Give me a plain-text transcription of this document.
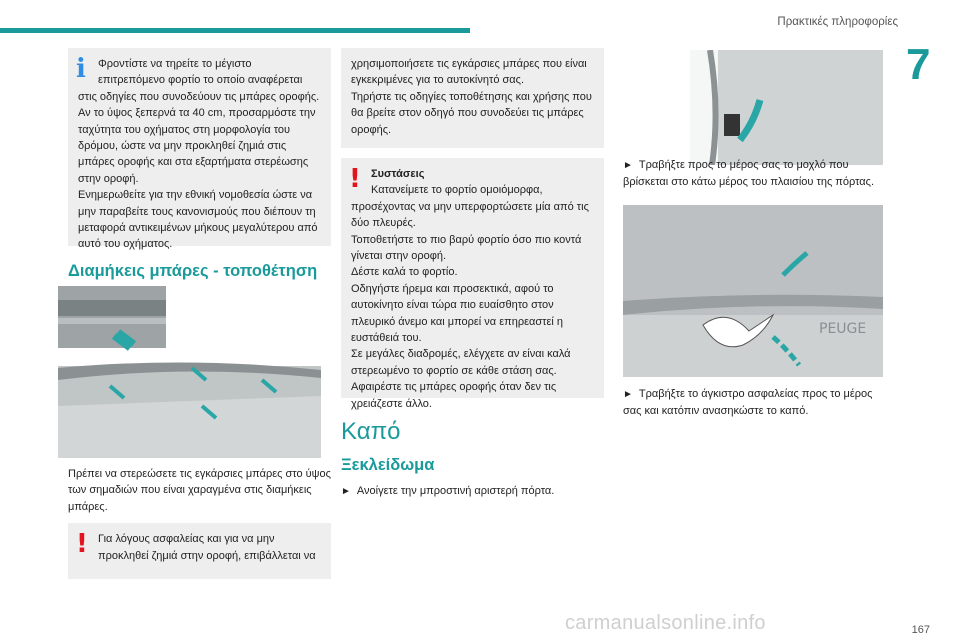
Πρακτικές πληροφορίες
7
i	Φροντίστε να τηρείτε το μέγιστο επιτρεπόμενο φορτίο το οποίο αναφέρεται στις οδηγίες που συνοδεύουν τις μπάρες οροφής.
Αν το ύψος ξεπερνά τα 40 cm, προσαρμόστε την ταχύτητα του οχήματος στη μορφολογία του δρόμου, ώστε να μην προκληθεί ζημιά στις μπάρες οροφής και στα εξαρτήματα στερέωσης στην οροφή.
Ενημερωθείτε για την εθνική νομοθεσία ώστε να μην παραβείτε τους κανονισμούς που διέπουν τη μεταφορά αντικειμένων μήκους μεγαλύτερου από αυτό του οχήματος.
Διαμήκεις μπάρες - τοποθέτηση

Πρέπει να στερεώσετε τις εγκάρσιες μπάρες στο ύψος των σημαδιών που είναι χαραγμένα στις διαμήκεις μπάρες.

! Για λόγους ασφαλείας και για να μην προκληθεί ζημιά στην οροφή, επιβάλλεται να
χρησιμοποιήσετε τις εγκάρσιες μπάρες που είναι εγκεκριμένες για το αυτοκίνητό σας.
Τηρήστε τις οδηγίες τοποθέτησης και χρήσης που θα βρείτε στον οδηγό που συνοδεύει τις μπάρες οροφής.
! Συστάσεις
Κατανείμετε το φορτίο ομοιόμορφα, προσέχοντας να μην υπερφορτώσετε μία από τις δύο πλευρές.
Τοποθετήστε το πιο βαρύ φορτίο όσο πιο κοντά γίνεται στην οροφή.
Δέστε καλά το φορτίο.
Οδηγήστε ήρεμα και προσεκτικά, αφού το αυτοκίνητο είναι τώρα πιο ευαίσθητο στον πλευρικό άνεμο και μπορεί να επηρεαστεί η ευστάθειά του.
Σε μεγάλες διαδρομές, ελέγχετε αν είναι καλά στερεωμένο το φορτίο σε κάθε στάση σας.
Αφαιρέστε τις μπάρες οροφής όταν δεν τις χρειάζεστε άλλο.
Καπό
Ξεκλείδωμα

► Ανοίγετε την μπροστινή αριστερή πόρτα.

► Τραβήξτε προς το μέρος σας το μοχλό που βρίσκεται στο κάτω μέρος του πλαισίου της πόρτας.

PEUGE

► Τραβήξτε το άγκιστρο ασφαλείας προς το μέρος σας και κατόπιν ανασηκώστε το καπό.

carmanualsonline.info	167
